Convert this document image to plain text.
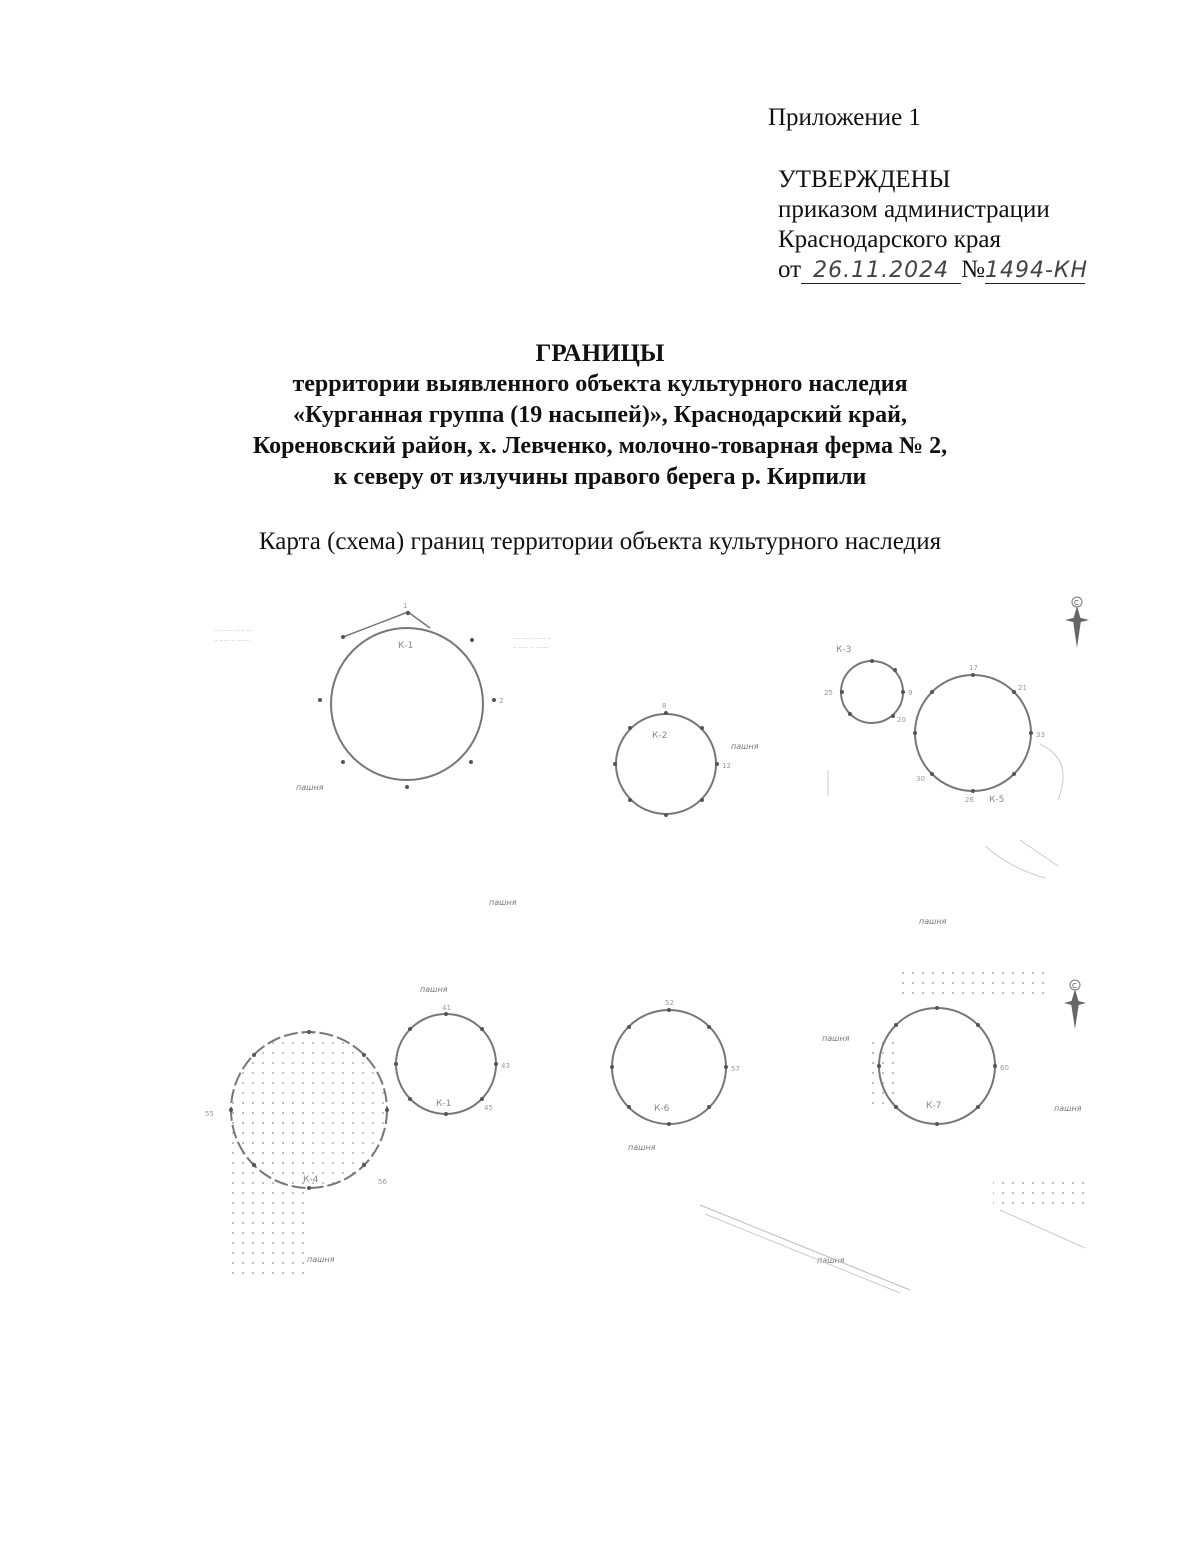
Приложение 1
УТВЕРЖДЕНЫ
приказом администрации
Краснодарского края
от 26.11.2024 №1494-КН
ГРАНИЦЫ
территории выявленного объекта культурного наследия
«Курганная группа (19 насыпей)», Краснодарский край,
Кореновский район, х. Левченко, молочно-товарная ферма № 2,
к северу от излучины правого берега р. Кирпили
Карта (схема) границ территории объекта культурного наследия
К-1
1
2
··· ······ ····· ···
·· ····· ·· ·······	···· ······ ····· ··
·· ····· ·· ······
пашня
К-2
8
12
пашня
К-3
9
25
К-5
17
20
21
26
30
33
пашня
пашня
С
пашня
К-4
55
56
К-1
41
43
45
пашня
К-6
52
57
пашня
К-7
60
пашня
пашня
пашня
С
